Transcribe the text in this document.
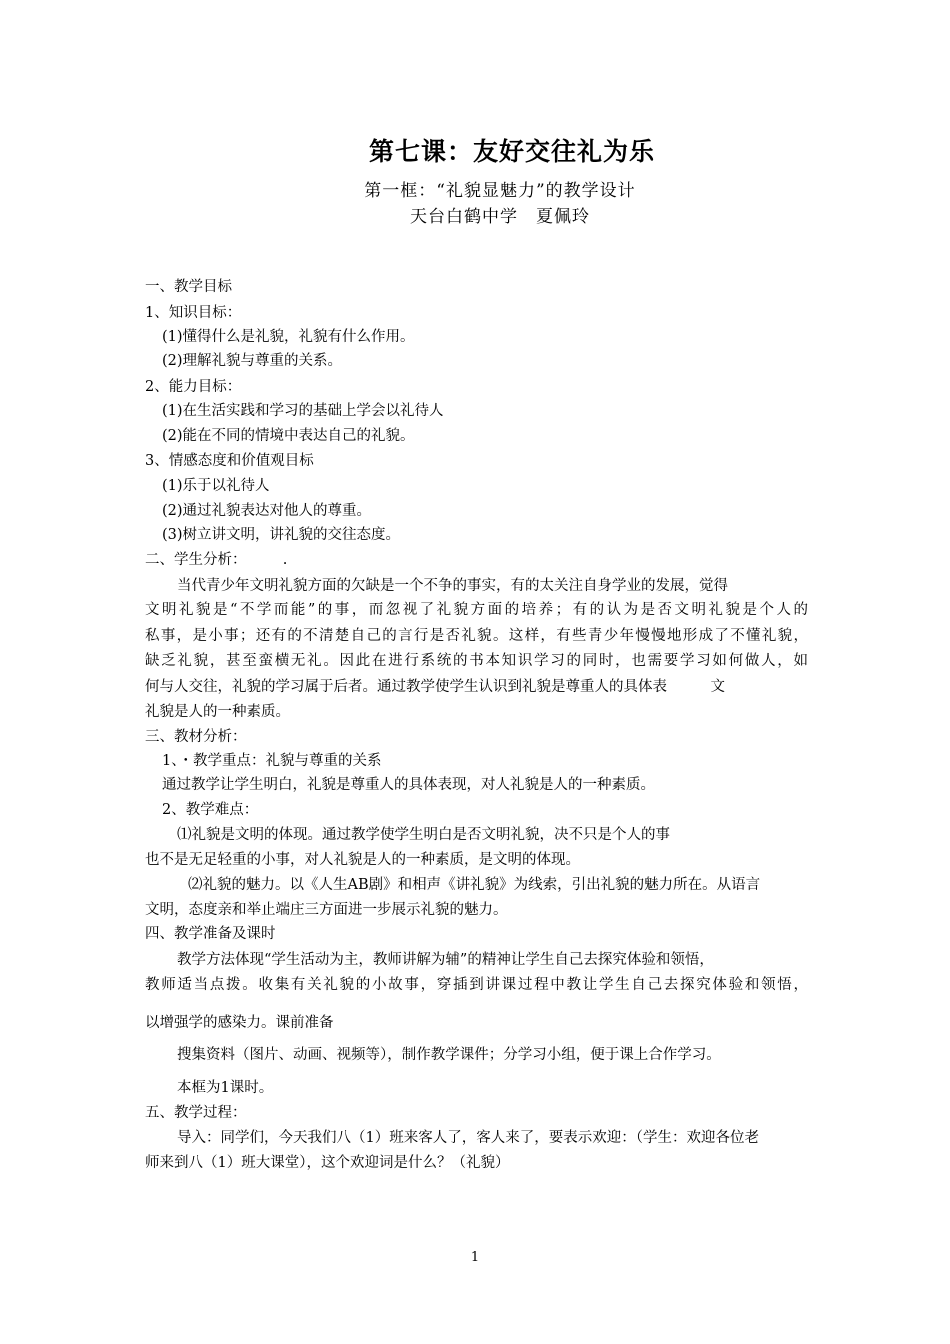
第七课：友好交往礼为乐
第一框：“礼貌显魅力”的教学设计
天台白鹤中学　夏佩玲
一、教学目标
1、知识目标：
(1)懂得什么是礼貌，礼貌有什么作用。
(2)理解礼貌与尊重的关系。
2、能力目标：
(1)在生活实践和学习的基础上学会以礼待人
(2)能在不同的情境中表达自己的礼貌。
3、情感态度和价值观目标
(1)乐于以礼待人
(2)通过礼貌表达对他人的尊重。
(3)树立讲文明，讲礼貌的交往态度。
二、学生分析：　　　.
当代青少年文明礼貌方面的欠缺是一个不争的事实，有的太关注自身学业的发展，觉得
文明礼貌是“不学而能”的事，而忽视了礼貌方面的培养；有的认为是否文明礼貌是个人的
私事，是小事；还有的不清楚自己的言行是否礼貌。这样，有些青少年慢慢地形成了不懂礼貌，
缺乏礼貌，甚至蛮横无礼。因此在进行系统的书本知识学习的同时，也需要学习如何做人，如
何与人交往，礼貌的学习属于后者。通过教学使学生认识到礼貌是尊重人的具体表　　　文
礼貌是人的一种素质。
三、教材分析：
1、・教学重点：礼貌与尊重的关系
通过教学让学生明白，礼貌是尊重人的具体表现，对人礼貌是人的一种素质。
2、教学难点：
⑴礼貌是文明的体现。通过教学使学生明白是否文明礼貌，决不只是个人的事
也不是无足轻重的小事，对人礼貌是人的一种素质，是文明的体现。
⑵礼貌的魅力。以《人生AB剧》和相声《讲礼貌》为线索，引出礼貌的魅力所在。从语言
文明，态度亲和举止端庄三方面进一步展示礼貌的魅力。
四、教学准备及课时
教学方法体现“学生活动为主，教师讲解为辅”的精神让学生自己去探究体验和领悟，
教师适当点拨。收集有关礼貌的小故事，穿插到讲课过程中教让学生自己去探究体验和领悟，
以增强学的感染力。课前准备
搜集资料（图片、动画、视频等），制作教学课件；分学习小组，便于课上合作学习。
本框为1课时。
五、教学过程：
导入：同学们，今天我们八（1）班来客人了，客人来了，要表示欢迎：（学生：欢迎各位老
师来到八（1）班大课堂），这个欢迎词是什么？（礼貌）
1
